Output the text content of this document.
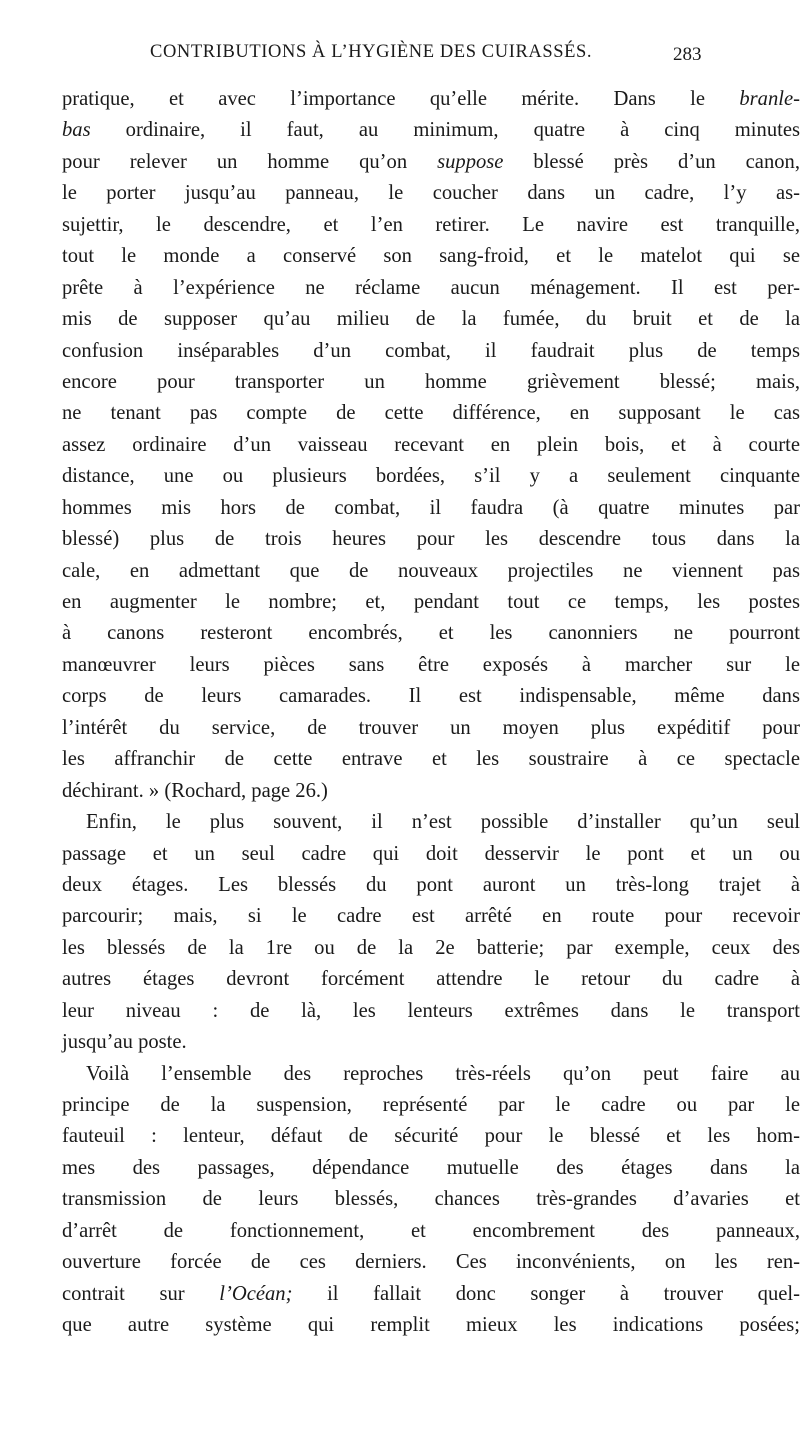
CONTRIBUTIONS À L’HYGIÈNE DES CUIRASSÉS.	283
pratique, et avec l’importance qu’elle mérite. Dans le branle-
bas ordinaire, il faut, au minimum, quatre à cinq minutes
pour relever un homme qu’on suppose blessé près d’un canon,
le porter jusqu’au panneau, le coucher dans un cadre, l’y as-
sujettir, le descendre, et l’en retirer. Le navire est tranquille,
tout le monde a conservé son sang-froid, et le matelot qui se
prête à l’expérience ne réclame aucun ménagement. Il est per-
mis de supposer qu’au milieu de la fumée, du bruit et de la
confusion inséparables d’un combat, il faudrait plus de temps
encore pour transporter un homme grièvement blessé; mais,
ne tenant pas compte de cette différence, en supposant le cas
assez ordinaire d’un vaisseau recevant en plein bois, et à courte
distance, une ou plusieurs bordées, s’il y a seulement cinquante
hommes mis hors de combat, il faudra (à quatre minutes par
blessé) plus de trois heures pour les descendre tous dans la
cale, en admettant que de nouveaux projectiles ne viennent pas
en augmenter le nombre; et, pendant tout ce temps, les postes
à canons resteront encombrés, et les canonniers ne pourront
manœuvrer leurs pièces sans être exposés à marcher sur le
corps de leurs camarades. Il est indispensable, même dans
l’intérêt du service, de trouver un moyen plus expéditif pour
les affranchir de cette entrave et les soustraire à ce spectacle
déchirant. » (Rochard, page 26.)
Enfin, le plus souvent, il n’est possible d’installer qu’un seul
passage et un seul cadre qui doit desservir le pont et un ou
deux étages. Les blessés du pont auront un très-long trajet à
parcourir; mais, si le cadre est arrêté en route pour recevoir
les blessés de la 1re ou de la 2e batterie; par exemple, ceux des
autres étages devront forcément attendre le retour du cadre à
leur niveau : de là, les lenteurs extrêmes dans le transport
jusqu’au poste.
Voilà l’ensemble des reproches très-réels qu’on peut faire au
principe de la suspension, représenté par le cadre ou par le
fauteuil : lenteur, défaut de sécurité pour le blessé et les hom-
mes des passages, dépendance mutuelle des étages dans la
transmission de leurs blessés, chances très-grandes d’avaries et
d’arrêt de fonctionnement, et encombrement des panneaux,
ouverture forcée de ces derniers. Ces inconvénients, on les ren-
contrait sur l’Océan; il fallait donc songer à trouver quel-
que autre système qui remplit mieux les indications posées;
